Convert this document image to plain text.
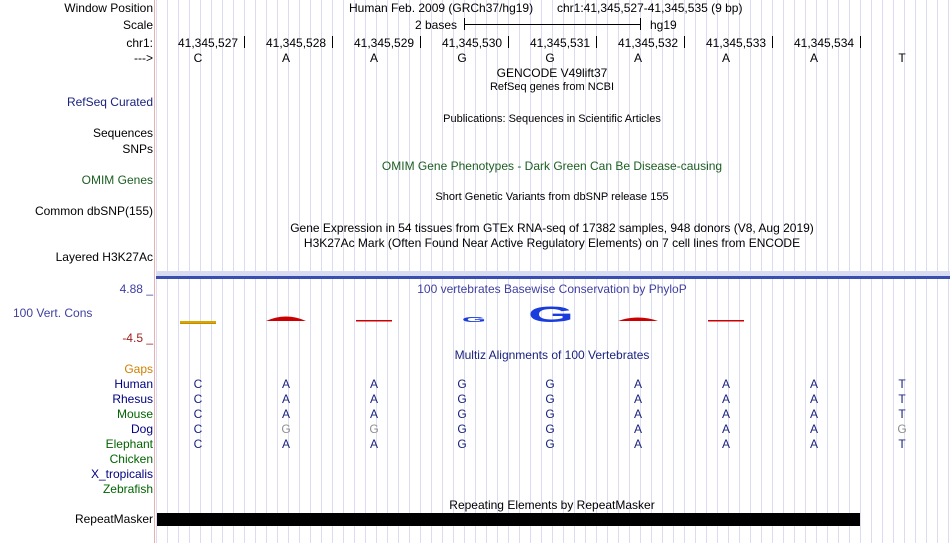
Window Position	Human Feb. 2009 (GRCh37/hg19) chr1:41,345,527-41,345,535 (9 bp)
Scale	2 bases	hg19
chr1: 41,345,527 41,345,528 41,345,529 41,345,530 41,345,531 41,345,532 41,345,533 41,345,534
--->	C	A	A	G	G	A	A	A	T
GENCODE V49lift37
RefSeq genes from NCBI
RefSeq Curated
Publications: Sequences in Scientific Articles
Sequences
SNPs
OMIM Gene Phenotypes - Dark Green Can Be Disease-causing
OMIM Genes
Short Genetic Variants from dbSNP release 155
Common dbSNP(155)
Gene Expression in 54 tissues from GTEx RNA-seq of 17382 samples, 948 donors (V8, Aug 2019)
H3K27Ac Mark (Often Found Near Active Regulatory Elements) on 7 cell lines from ENCODE
Layered H3K27Ac
100 vertebrates Basewise Conservation by PhyloP
4.88 _
100 Vert. Cons
-4.5 _
G G
Multiz Alignments of 100 Vertebrates
Gaps
Human	C	A	A	G	G	A	A	A	T
Rhesus	C	A	A	G	G	A	A	A	T
Mouse	C	A	A	G	G	A	A	A	T
Dog	C	G	G	G	G	A	A	A	G
Elephant	C	A	A	G	G	A	A	A	T
Chicken
X_tropicalis
Zebrafish
Repeating Elements by RepeatMasker
RepeatMasker
